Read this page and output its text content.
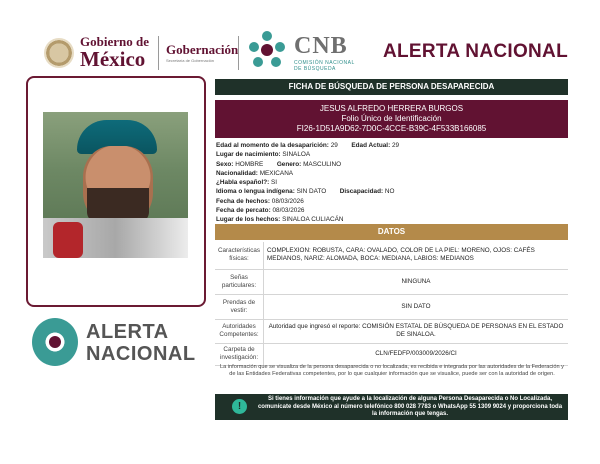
Gobierno de
México Gobernación
Secretaría de Gobernación
CNB
COMISIÓN NACIONAL DE BÚSQUEDA
ALERTA NACIONAL
ALERTA
NACIONAL
FICHA DE BÚSQUEDA DE PERSONA DESAPARECIDA
JESUS ALFREDO HERRERA BURGOS
Folio Único de Identificación
FI26-1D51A9D62-7D0C-4CCE-B39C-4F533B166085
Edad al momento de la desaparición: 29 Edad Actual: 29
Lugar de nacimiento: SINALOA
Sexo: HOMBRE Genero: MASCULINO
Nacionalidad: MEXICANA
¿Habla español?: SI
Idioma o lengua indígena: SIN DATO Discapacidad: NO
Fecha de hechos: 08/03/2026
Fecha de percato: 08/03/2026
Lugar de los hechos: SINALOA CULIACÁN
DATOS
Características físicas:	COMPLEXION: ROBUSTA, CARA: OVALADO, COLOR DE LA PIEL: MORENO, OJOS: CAFÉS MEDIANOS, NARIZ: ALOMADA, BOCA: MEDIANA, LABIOS: MEDIANOS
Señas particulares:	NINGUNA
Prendas de vestir:	SIN DATO
Autoridades Competentes:	Autoridad que ingresó el reporte: COMISIÓN ESTATAL DE BÚSQUEDA DE PERSONAS EN EL ESTADO DE SINALOA.
Carpeta de investigación:	CLN/FEDFP/003009/2026/CI
La información que se visualiza de la persona desaparecida o no localizada, es recibida e integrada por las autoridades de la Federación y de las Entidades Federativas competentes, por lo que cualquier información que se visualice, puede ser con la autoridad de origen.
!
Si tienes información que ayude a la localización de alguna Persona Desaparecida o No Localizada, comunícate desde México al número telefónico 800 028 7783 o WhatsApp 55 1309 9024 y proporciona toda la información que tengas.
